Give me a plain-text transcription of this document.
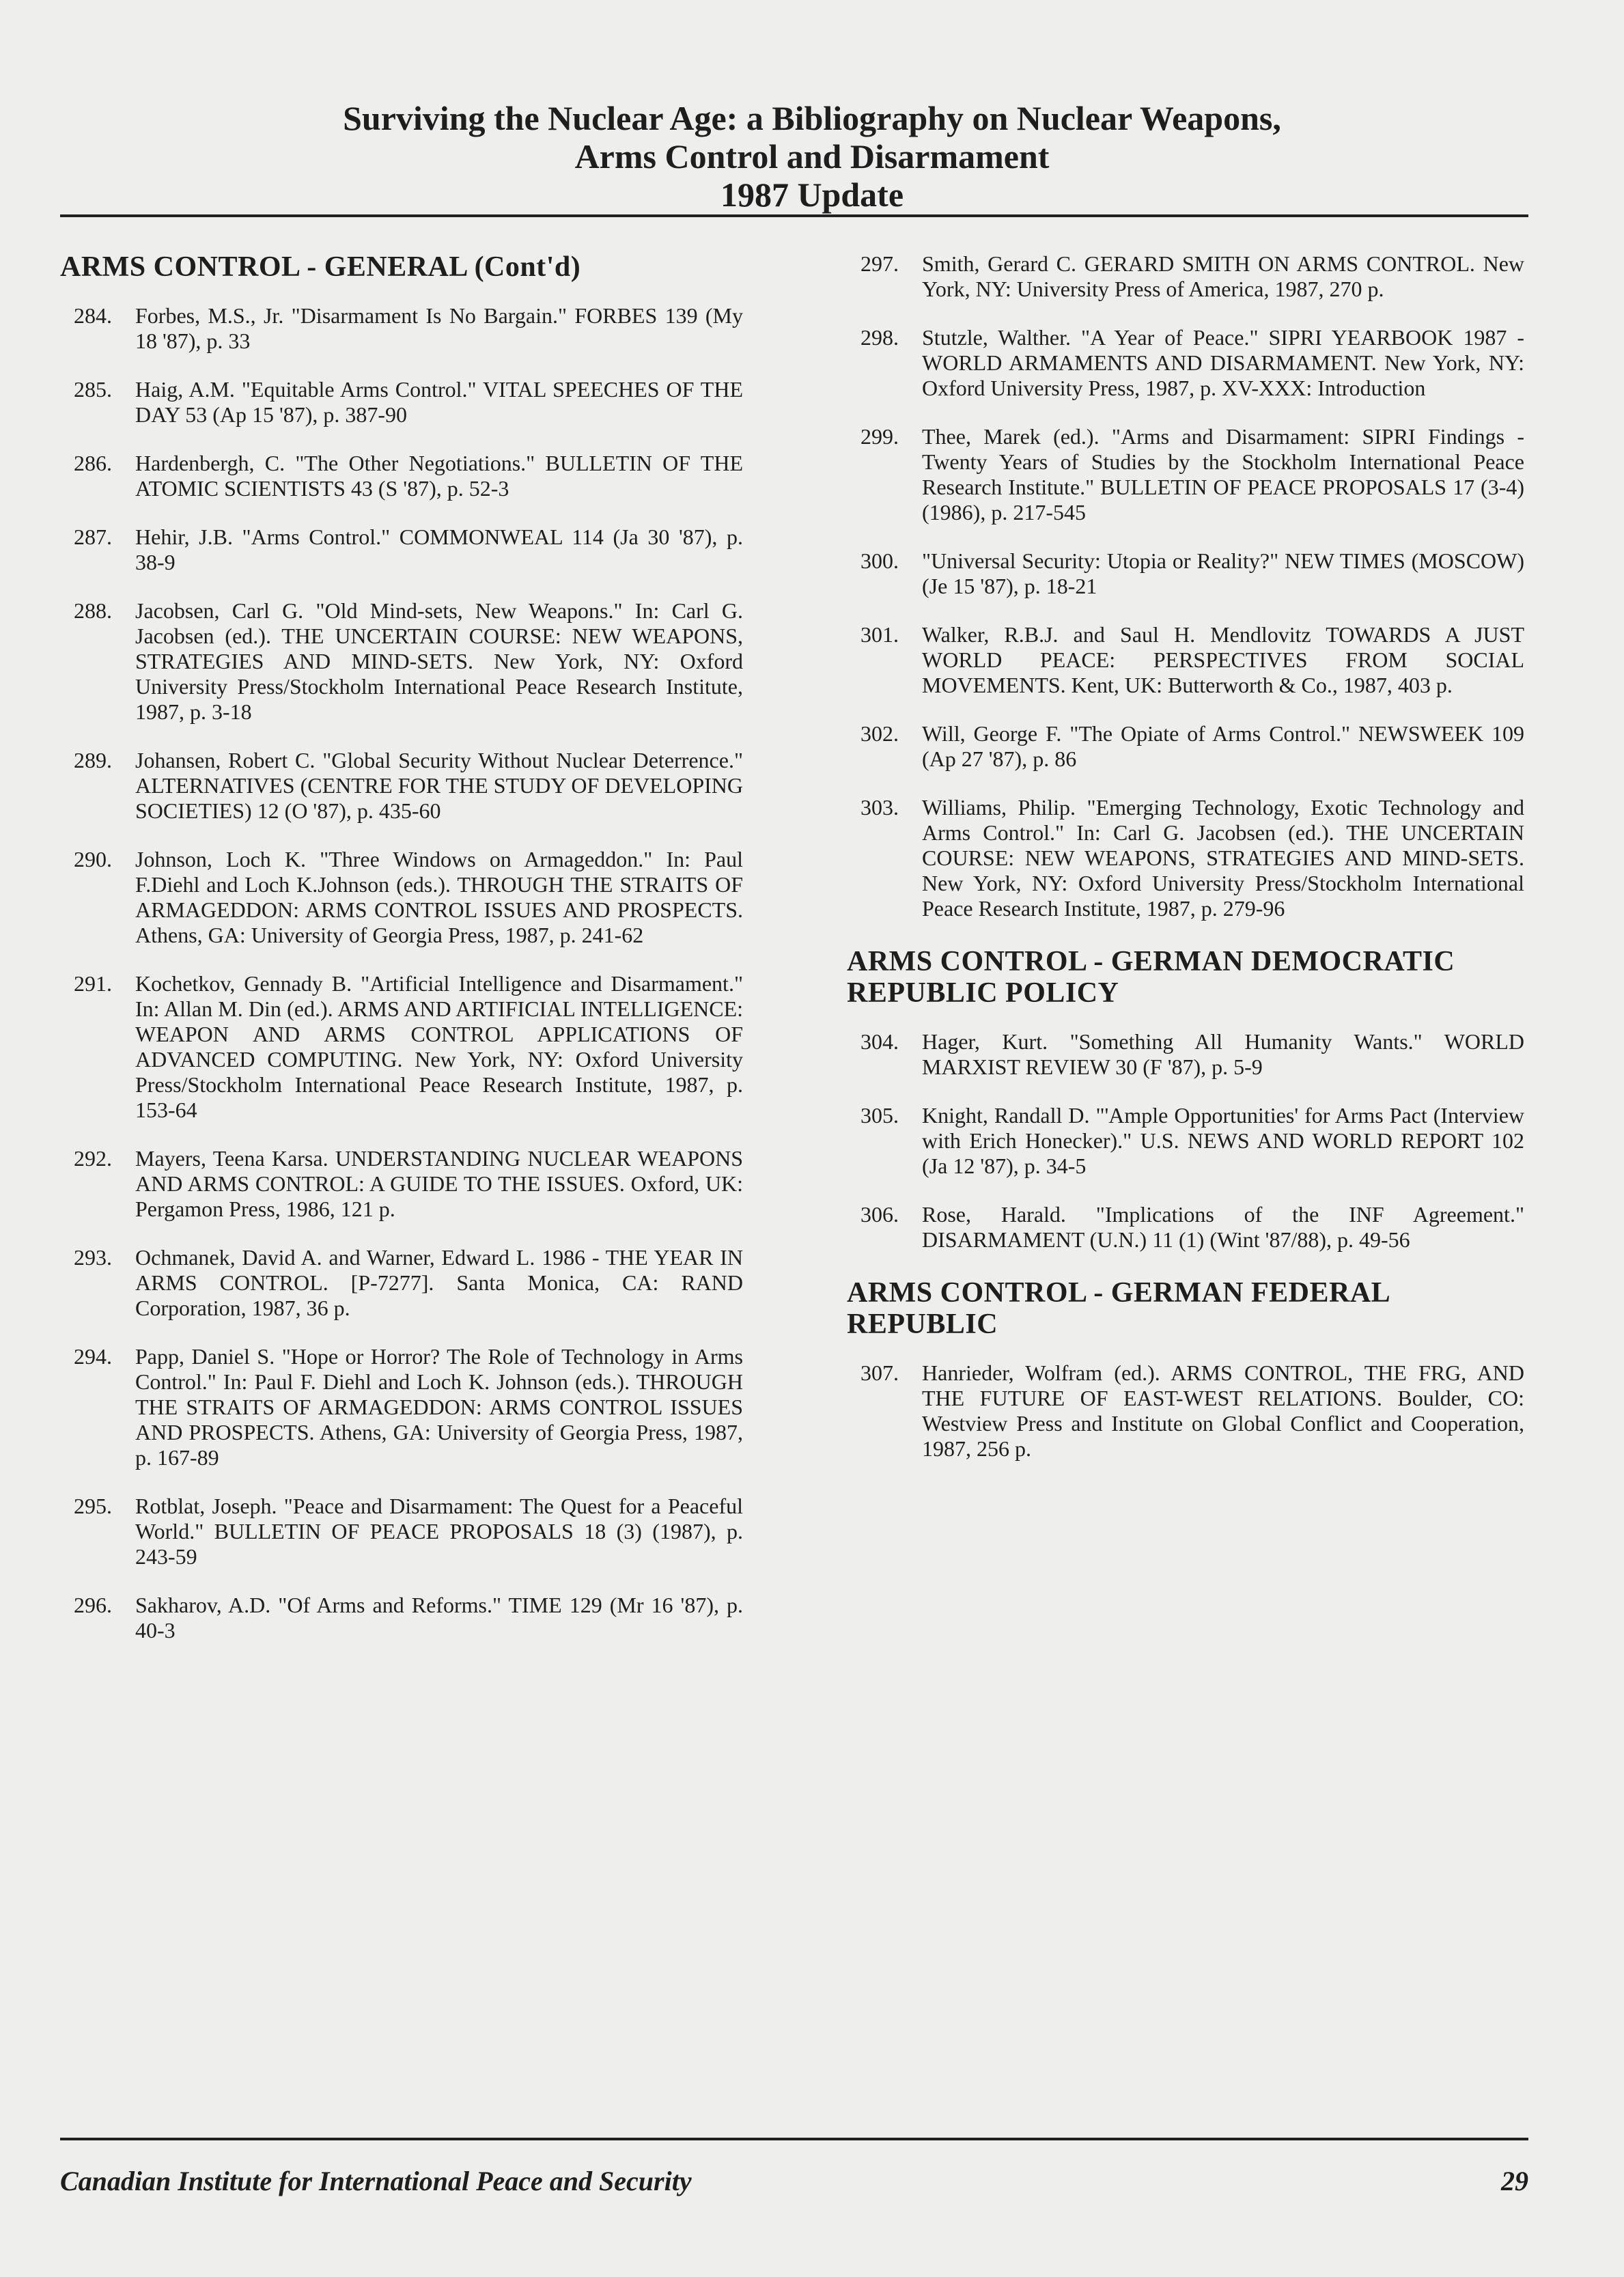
Surviving the Nuclear Age: a Bibliography on Nuclear Weapons,
Arms Control and Disarmament
1987 Update
ARMS CONTROL - GENERAL (Cont'd)
284.	Forbes, M.S., Jr. "Disarmament Is No Bargain." FORBES 139 (My 18 '87), p. 33
285.	Haig, A.M. "Equitable Arms Control." VITAL SPEECHES OF THE DAY 53 (Ap 15 '87), p. 387-90
286.	Hardenbergh, C. "The Other Negotiations." BULLETIN OF THE ATOMIC SCIENTISTS 43 (S '87), p. 52-3
287.	Hehir, J.B. "Arms Control." COMMONWEAL 114 (Ja 30 '87), p. 38-9
288.	Jacobsen, Carl G. "Old Mind-sets, New Weapons." In: Carl G. Jacobsen (ed.). THE UNCERTAIN COURSE: NEW WEAPONS, STRATEGIES AND MIND-SETS. New York, NY: Oxford University Press/Stockholm International Peace Research Institute, 1987, p. 3-18
289.	Johansen, Robert C. "Global Security Without Nuclear Deterrence." ALTERNATIVES (CENTRE FOR THE STUDY OF DEVELOPING SOCIETIES) 12 (O '87), p. 435-60
290.	Johnson, Loch K. "Three Windows on Armageddon." In: Paul F.Diehl and Loch K.Johnson (eds.). THROUGH THE STRAITS OF ARMAGEDDON: ARMS CONTROL ISSUES AND PROSPECTS. Athens, GA: University of Georgia Press, 1987, p. 241-62
291.	Kochetkov, Gennady B. "Artificial Intelligence and Disarmament." In: Allan M. Din (ed.). ARMS AND ARTIFICIAL INTELLIGENCE: WEAPON AND ARMS CONTROL APPLICATIONS OF ADVANCED COMPUTING. New York, NY: Oxford University Press/Stockholm International Peace Research Institute, 1987, p. 153-64
292.	Mayers, Teena Karsa. UNDERSTANDING NUCLEAR WEAPONS AND ARMS CONTROL: A GUIDE TO THE ISSUES. Oxford, UK: Pergamon Press, 1986, 121 p.
293.	Ochmanek, David A. and Warner, Edward L. 1986 - THE YEAR IN ARMS CONTROL. [P-7277]. Santa Monica, CA: RAND Corporation, 1987, 36 p.
294.	Papp, Daniel S. "Hope or Horror? The Role of Technology in Arms Control." In: Paul F. Diehl and Loch K. Johnson (eds.). THROUGH THE STRAITS OF ARMAGEDDON: ARMS CONTROL ISSUES AND PROSPECTS. Athens, GA: University of Georgia Press, 1987, p. 167-89
295.	Rotblat, Joseph. "Peace and Disarmament: The Quest for a Peaceful World." BULLETIN OF PEACE PROPOSALS 18 (3) (1987), p. 243-59
296.	Sakharov, A.D. "Of Arms and Reforms." TIME 129 (Mr 16 '87), p. 40-3
297.	Smith, Gerard C. GERARD SMITH ON ARMS CONTROL. New York, NY: University Press of America, 1987, 270 p.
298.	Stutzle, Walther. "A Year of Peace." SIPRI YEARBOOK 1987 - WORLD ARMAMENTS AND DISARMAMENT. New York, NY: Oxford University Press, 1987, p. XV-XXX: Introduction
299.	Thee, Marek (ed.). "Arms and Disarmament: SIPRI Findings - Twenty Years of Studies by the Stockholm International Peace Research Institute." BULLETIN OF PEACE PROPOSALS 17 (3-4) (1986), p. 217-545
300.	"Universal Security: Utopia or Reality?" NEW TIMES (MOSCOW) (Je 15 '87), p. 18-21
301.	Walker, R.B.J. and Saul H. Mendlovitz TOWARDS A JUST WORLD PEACE: PERSPECTIVES FROM SOCIAL MOVEMENTS. Kent, UK: Butterworth & Co., 1987, 403 p.
302.	Will, George F. "The Opiate of Arms Control." NEWSWEEK 109 (Ap 27 '87), p. 86
303.	Williams, Philip. "Emerging Technology, Exotic Technology and Arms Control." In: Carl G. Jacobsen (ed.). THE UNCERTAIN COURSE: NEW WEAPONS, STRATEGIES AND MIND-SETS. New York, NY: Oxford University Press/Stockholm International Peace Research Institute, 1987, p. 279-96
ARMS CONTROL - GERMAN DEMOCRATIC REPUBLIC POLICY
304.	Hager, Kurt. "Something All Humanity Wants." WORLD MARXIST REVIEW 30 (F '87), p. 5-9
305.	Knight, Randall D. "'Ample Opportunities' for Arms Pact (Interview with Erich Honecker)." U.S. NEWS AND WORLD REPORT 102 (Ja 12 '87), p. 34-5
306.	Rose, Harald. "Implications of the INF Agreement." DISARMAMENT (U.N.) 11 (1) (Wint '87/88), p. 49-56
ARMS CONTROL - GERMAN FEDERAL REPUBLIC
307.	Hanrieder, Wolfram (ed.). ARMS CONTROL, THE FRG, AND THE FUTURE OF EAST-WEST RELATIONS. Boulder, CO: Westview Press and Institute on Global Conflict and Cooperation, 1987, 256 p.
Canadian Institute for International Peace and Security	29
